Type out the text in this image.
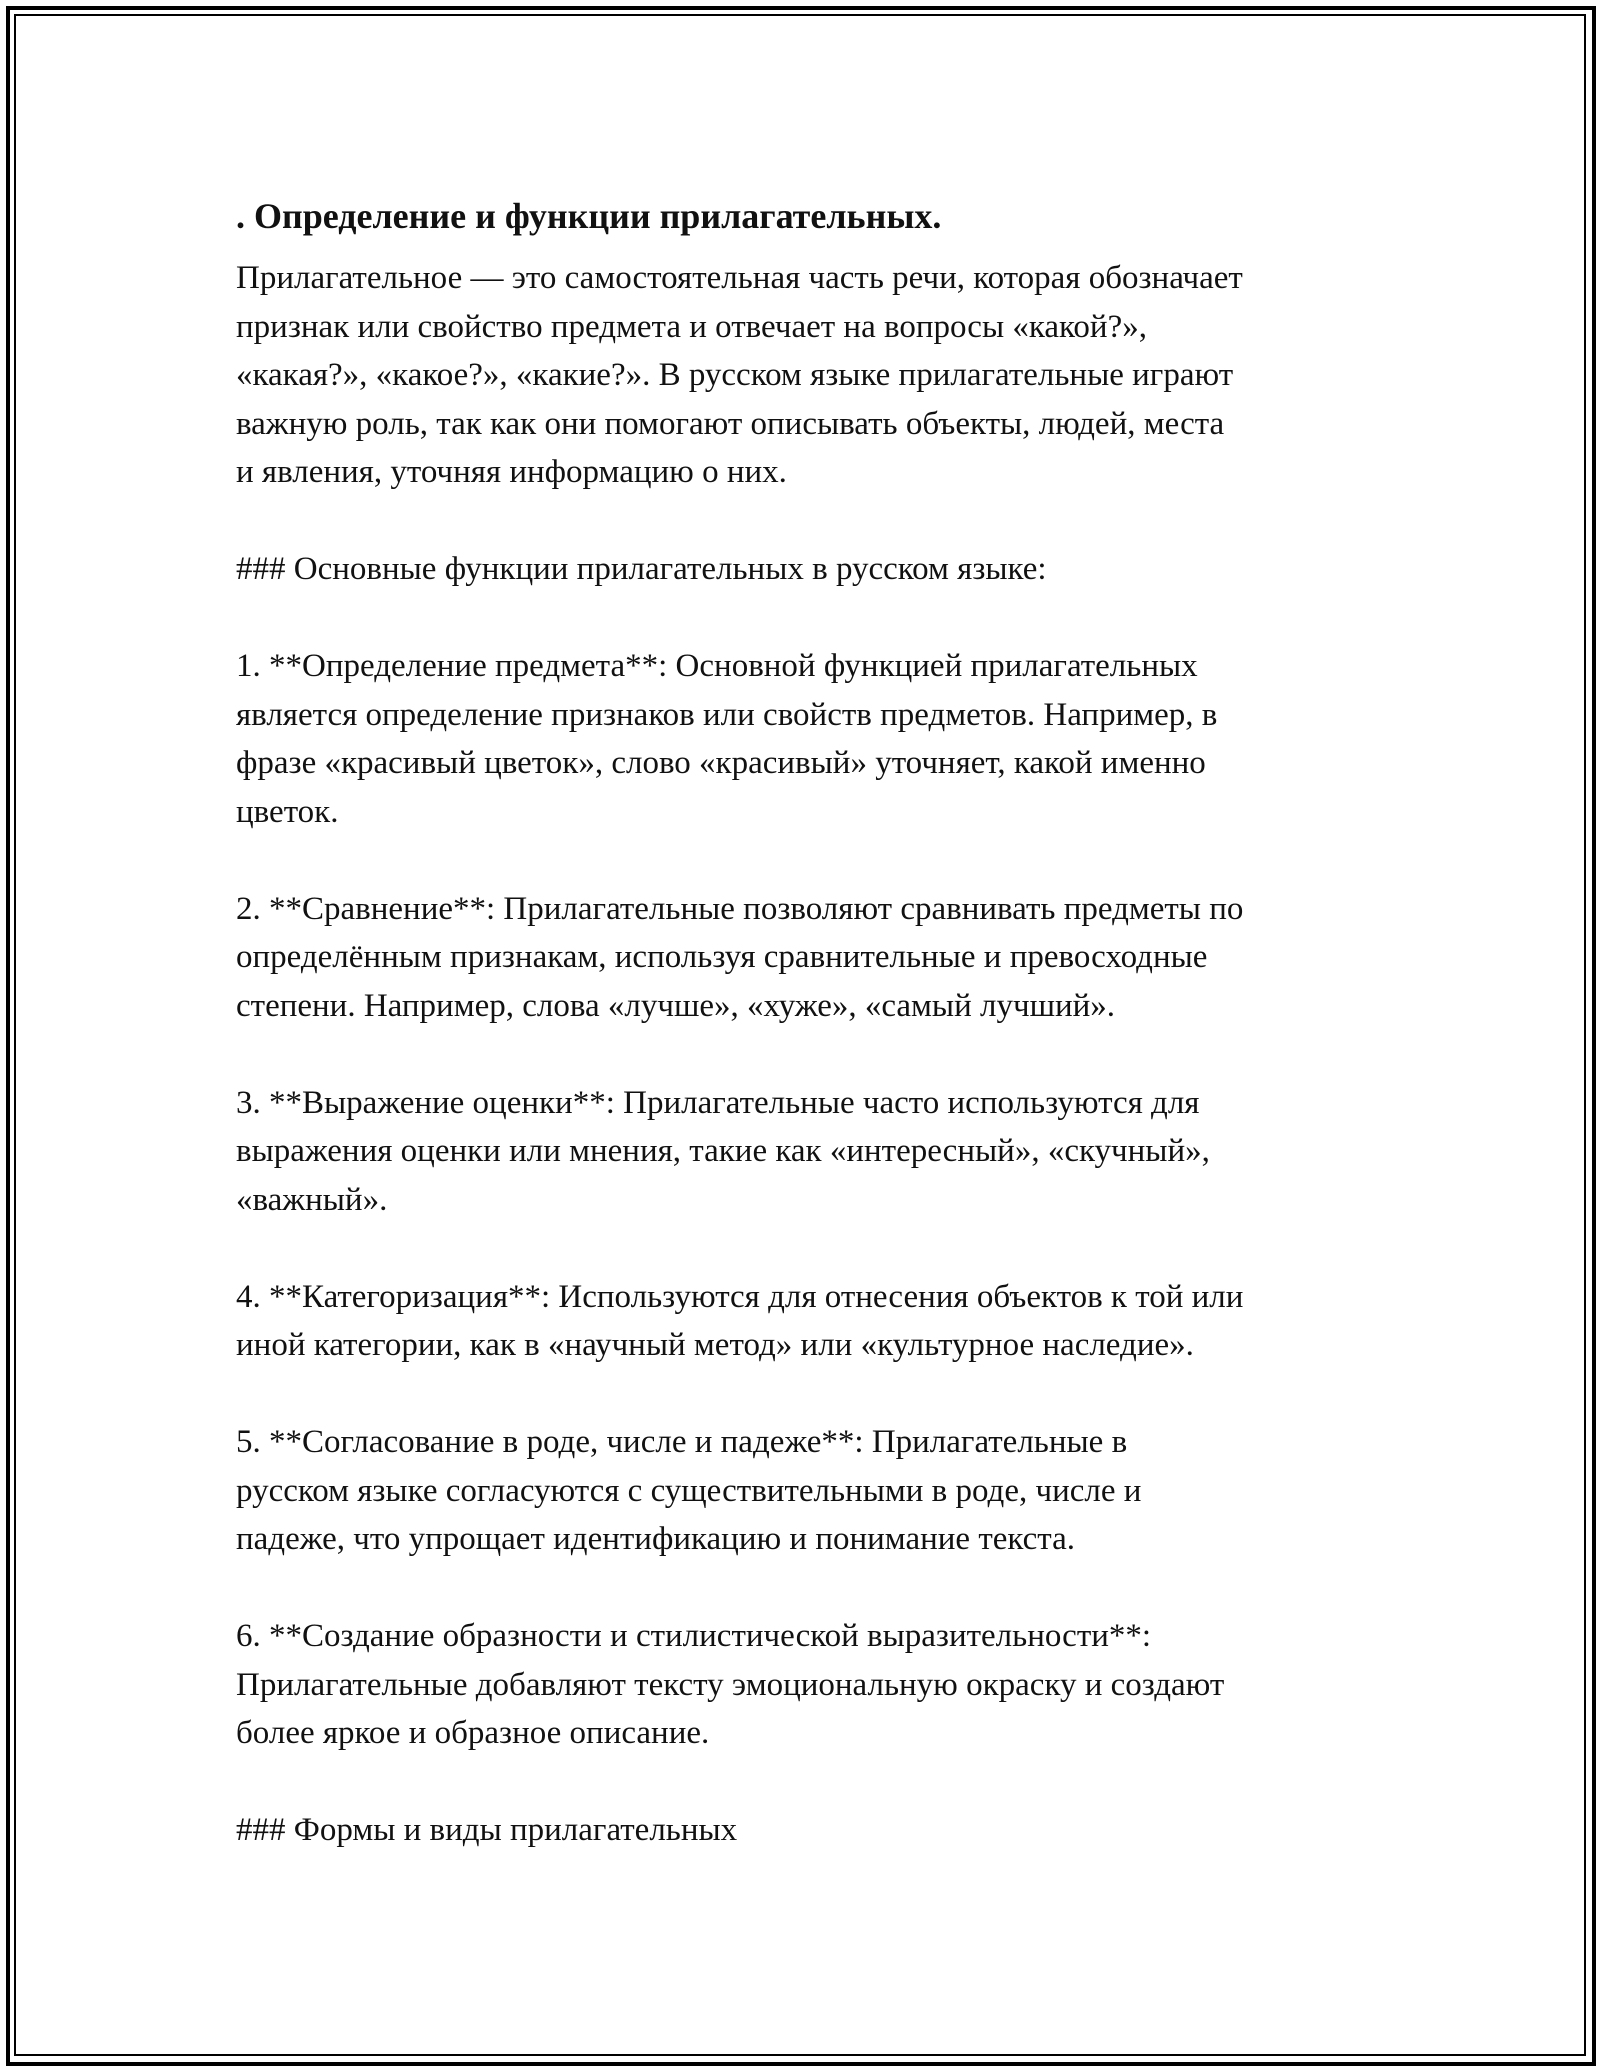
. Определение и функции прилагательных.

Прилагательное — это самостоятельная часть речи, которая обозначает
признак или свойство предмета и отвечает на вопросы «какой?»,
«какая?», «какое?», «какие?». В русском языке прилагательные играют
важную роль, так как они помогают описывать объекты, людей, места
и явления, уточняя информацию о них.

### Основные функции прилагательных в русском языке:

1. **Определение предмета**: Основной функцией прилагательных
является определение признаков или свойств предметов. Например, в
фразе «красивый цветок», слово «красивый» уточняет, какой именно
цветок.

2. **Сравнение**: Прилагательные позволяют сравнивать предметы по
определённым признакам, используя сравнительные и превосходные
степени. Например, слова «лучше», «хуже», «самый лучший».

3. **Выражение оценки**: Прилагательные часто используются для
выражения оценки или мнения, такие как «интересный», «скучный»,
«важный».

4. **Категоризация**: Используются для отнесения объектов к той или
иной категории, как в «научный метод» или «культурное наследие».

5. **Согласование в роде, числе и падеже**: Прилагательные в
русском языке согласуются с существительными в роде, числе и
падеже, что упрощает идентификацию и понимание текста.

6. **Создание образности и стилистической выразительности**:
Прилагательные добавляют тексту эмоциональную окраску и создают
более яркое и образное описание.

### Формы и виды прилагательных
